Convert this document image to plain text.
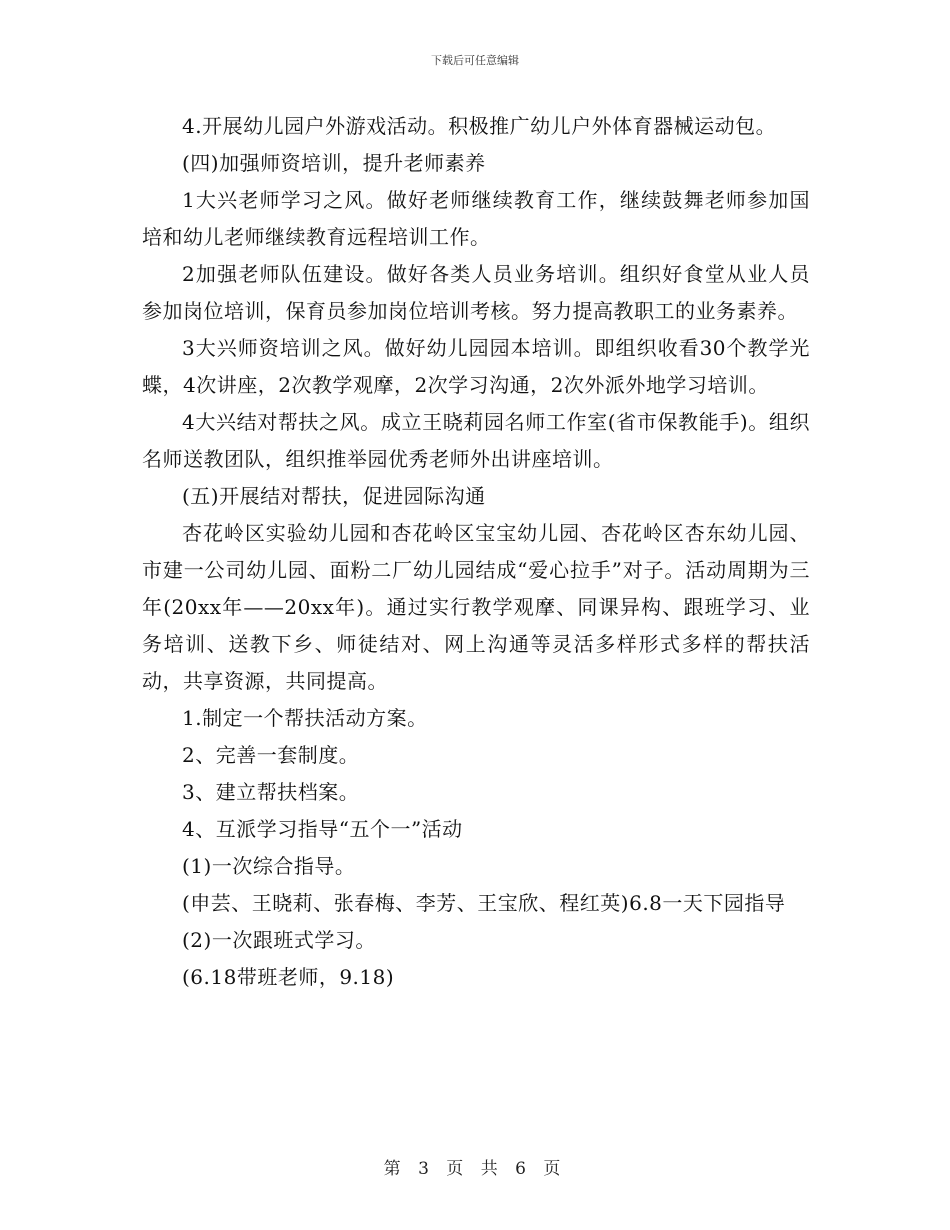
下载后可任意编辑

4.开展幼儿园户外游戏活动。积极推广幼儿户外体育器械运动包。

(四)加强师资培训，提升老师素养

1大兴老师学习之风。做好老师继续教育工作，继续鼓舞老师参加国培和幼儿老师继续教育远程培训工作。

2加强老师队伍建设。做好各类人员业务培训。组织好食堂从业人员参加岗位培训，保育员参加岗位培训考核。努力提高教职工的业务素养。

3大兴师资培训之风。做好幼儿园园本培训。即组织收看30个教学光蝶，4次讲座，2次教学观摩，2次学习沟通，2次外派外地学习培训。

4大兴结对帮扶之风。成立王晓莉园名师工作室(省市保教能手)。组织名师送教团队，组织推举园优秀老师外出讲座培训。

(五)开展结对帮扶，促进园际沟通

杏花岭区实验幼儿园和杏花岭区宝宝幼儿园、杏花岭区杏东幼儿园、市建一公司幼儿园、面粉二厂幼儿园结成“爱心拉手”对子。活动周期为三年(20xx年——20xx年)。通过实行教学观摩、同课异构、跟班学习、业务培训、送教下乡、师徒结对、网上沟通等灵活多样形式多样的帮扶活动，共享资源，共同提高。

1.制定一个帮扶活动方案。

2、完善一套制度。

3、建立帮扶档案。

4、互派学习指导“五个一”活动

(1)一次综合指导。

(申芸、王晓莉、张春梅、李芳、王宝欣、程红英)6.8一天下园指导

(2)一次跟班式学习。

(6.18带班老师，9.18)

第 3 页 共 6 页
